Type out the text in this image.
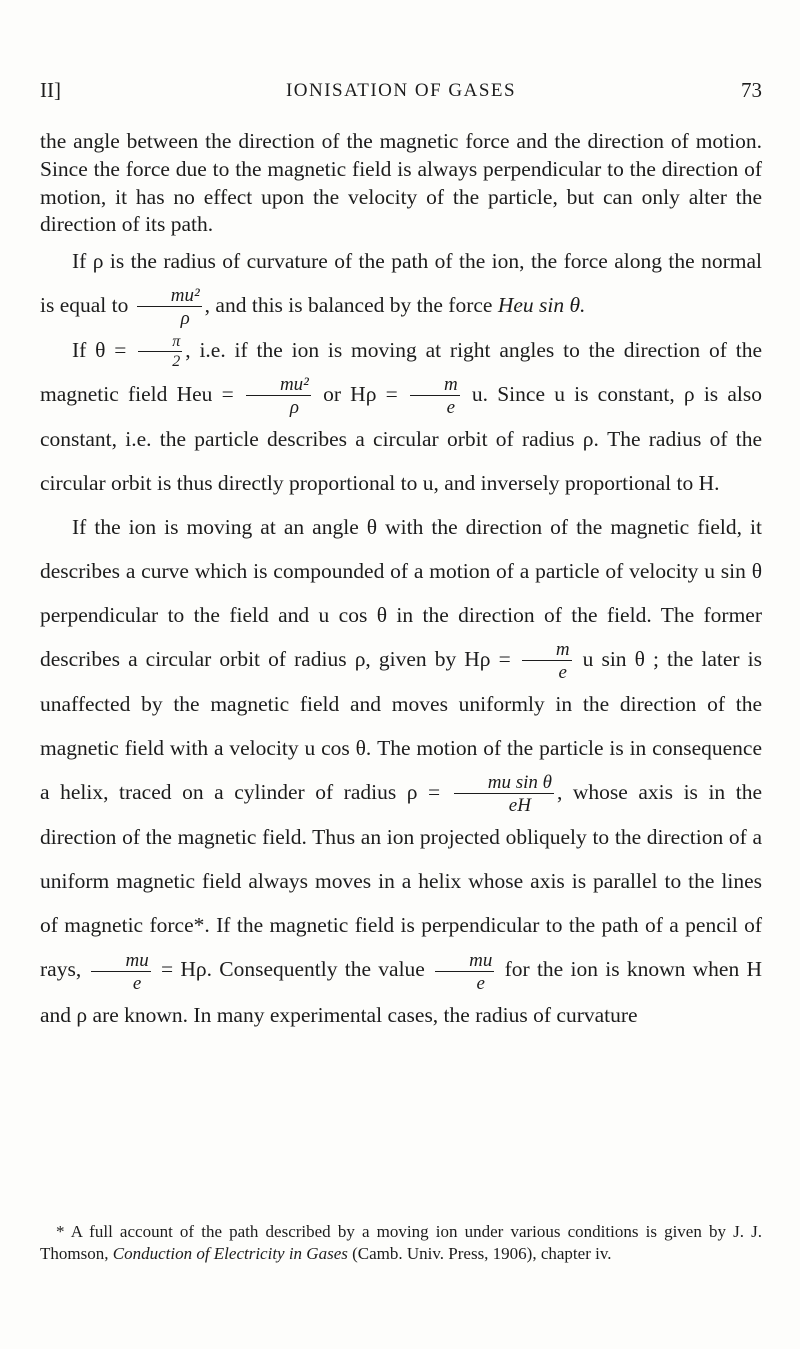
II]	IONISATION OF GASES	73

the angle between the direction of the magnetic force and the direction of motion. Since the force due to the magnetic field is always perpendicular to the direction of motion, it has no effect upon the velocity of the particle, but can only alter the direction of its path.

If ρ is the radius of curvature of the path of the ion, the force along the normal is equal to $\frac{\text{mu²}}{\rho}$ , and this is balanced by the force Heu sin θ.

If $\theta = \frac{\pi}{2}$ , i.e. if the ion is moving at right angles to the direction of the magnetic field Heu = $\frac{\text{mu²}}{\rho}$ or $H\rho = \frac{m}{e} u$. Since u is constant, ρ is also constant, i.e. the particle describes a circular orbit of radius ρ. The radius of the circular orbit is thus directly proportional to u, and inversely proportional to H.

If the ion is moving at an angle θ with the direction of the magnetic field, it describes a curve which is compounded of a motion of a particle of velocity u sin θ perpendicular to the field and u cos θ in the direction of the field. The former describes a circular orbit of radius ρ, given by $H\rho = \frac{m}{e}$ u sin θ ; the later is unaffected by the magnetic field and moves uniformly in the direction of the magnetic field with a velocity u cos θ. The motion of the particle is in consequence a helix, traced on a cylinder of radius $\rho = \frac{\text{mu sin θ}}{eH}$ , whose axis is in the direction of the magnetic field. Thus an ion projected obliquely to the direction of a uniform magnetic field always moves in a helix whose axis is parallel to the lines of magnetic force*. If the magnetic field is perpendicular to the path of a pencil of rays, $\frac{mu}{e} = H\rho$. Consequently the value $\frac{mu}{e}$ for the ion is known when H and ρ are known. In many experimental cases, the radius of curvature

* A full account of the path described by a moving ion under various conditions is given by J. J. Thomson, Conduction of Electricity in Gases (Camb. Univ. Press, 1906), chapter iv.
